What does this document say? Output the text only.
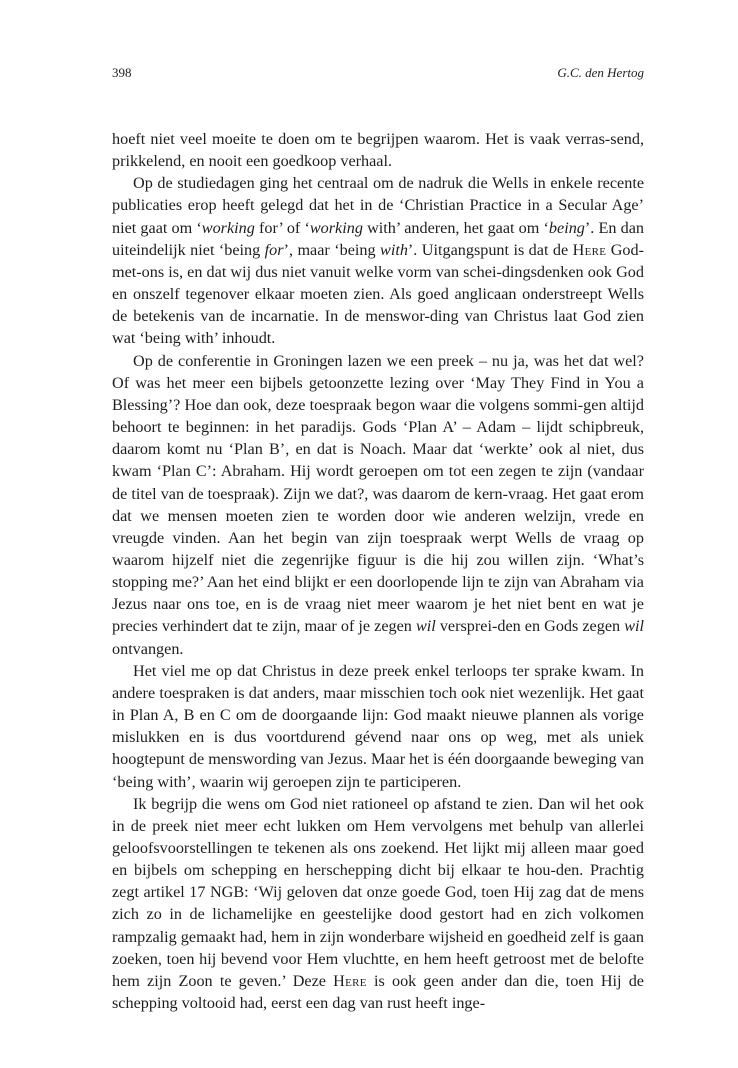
398	G.C. den Hertog

hoeft niet veel moeite te doen om te begrijpen waarom. Het is vaak verras-send, prikkelend, en nooit een goedkoop verhaal.

Op de studiedagen ging het centraal om de nadruk die Wells in enkele recente publicaties erop heeft gelegd dat het in de ‘Christian Practice in a Secular Age’ niet gaat om ‘working for’ of ‘working with’ anderen, het gaat om ‘being’. En dan uiteindelijk niet ‘being for’, maar ‘being with’. Uitgangspunt is dat de Here God-met-ons is, en dat wij dus niet vanuit welke vorm van schei-dingsdenken ook God en onszelf tegenover elkaar moeten zien. Als goed anglicaan onderstreept Wells de betekenis van de incarnatie. In de menswor-ding van Christus laat God zien wat ‘being with’ inhoudt.

Op de conferentie in Groningen lazen we een preek – nu ja, was het dat wel? Of was het meer een bijbels getoonzette lezing over ‘May They Find in You a Blessing’? Hoe dan ook, deze toespraak begon waar die volgens sommi-gen altijd behoort te beginnen: in het paradijs. Gods ‘Plan A’ – Adam – lijdt schipbreuk, daarom komt nu ‘Plan B’, en dat is Noach. Maar dat ‘werkte’ ook al niet, dus kwam ‘Plan C’: Abraham. Hij wordt geroepen om tot een zegen te zijn (vandaar de titel van de toespraak). Zijn we dat?, was daarom de kern-vraag. Het gaat erom dat we mensen moeten zien te worden door wie anderen welzijn, vrede en vreugde vinden. Aan het begin van zijn toespraak werpt Wells de vraag op waarom hijzelf niet die zegenrijke figuur is die hij zou willen zijn. ‘What’s stopping me?’ Aan het eind blijkt er een doorlopende lijn te zijn van Abraham via Jezus naar ons toe, en is de vraag niet meer waarom je het niet bent en wat je precies verhindert dat te zijn, maar of je zegen wil versprei-den en Gods zegen wil ontvangen.

Het viel me op dat Christus in deze preek enkel terloops ter sprake kwam. In andere toespraken is dat anders, maar misschien toch ook niet wezenlijk. Het gaat in Plan A, B en C om de doorgaande lijn: God maakt nieuwe plannen als vorige mislukken en is dus voortdurend gévend naar ons op weg, met als uniek hoogtepunt de menswording van Jezus. Maar het is één doorgaande beweging van ‘being with’, waarin wij geroepen zijn te participeren.

Ik begrijp die wens om God niet rationeel op afstand te zien. Dan wil het ook in de preek niet meer echt lukken om Hem vervolgens met behulp van allerlei geloofsvoorstellingen te tekenen als ons zoekend. Het lijkt mij alleen maar goed en bijbels om schepping en herschepping dicht bij elkaar te hou-den. Prachtig zegt artikel 17 NGB: ‘Wij geloven dat onze goede God, toen Hij zag dat de mens zich zo in de lichamelijke en geestelijke dood gestort had en zich volkomen rampzalig gemaakt had, hem in zijn wonderbare wijsheid en goedheid zelf is gaan zoeken, toen hij bevend voor Hem vluchtte, en hem heeft getroost met de belofte hem zijn Zoon te geven.’ Deze Here is ook geen ander dan die, toen Hij de schepping voltooid had, eerst een dag van rust heeft inge-
